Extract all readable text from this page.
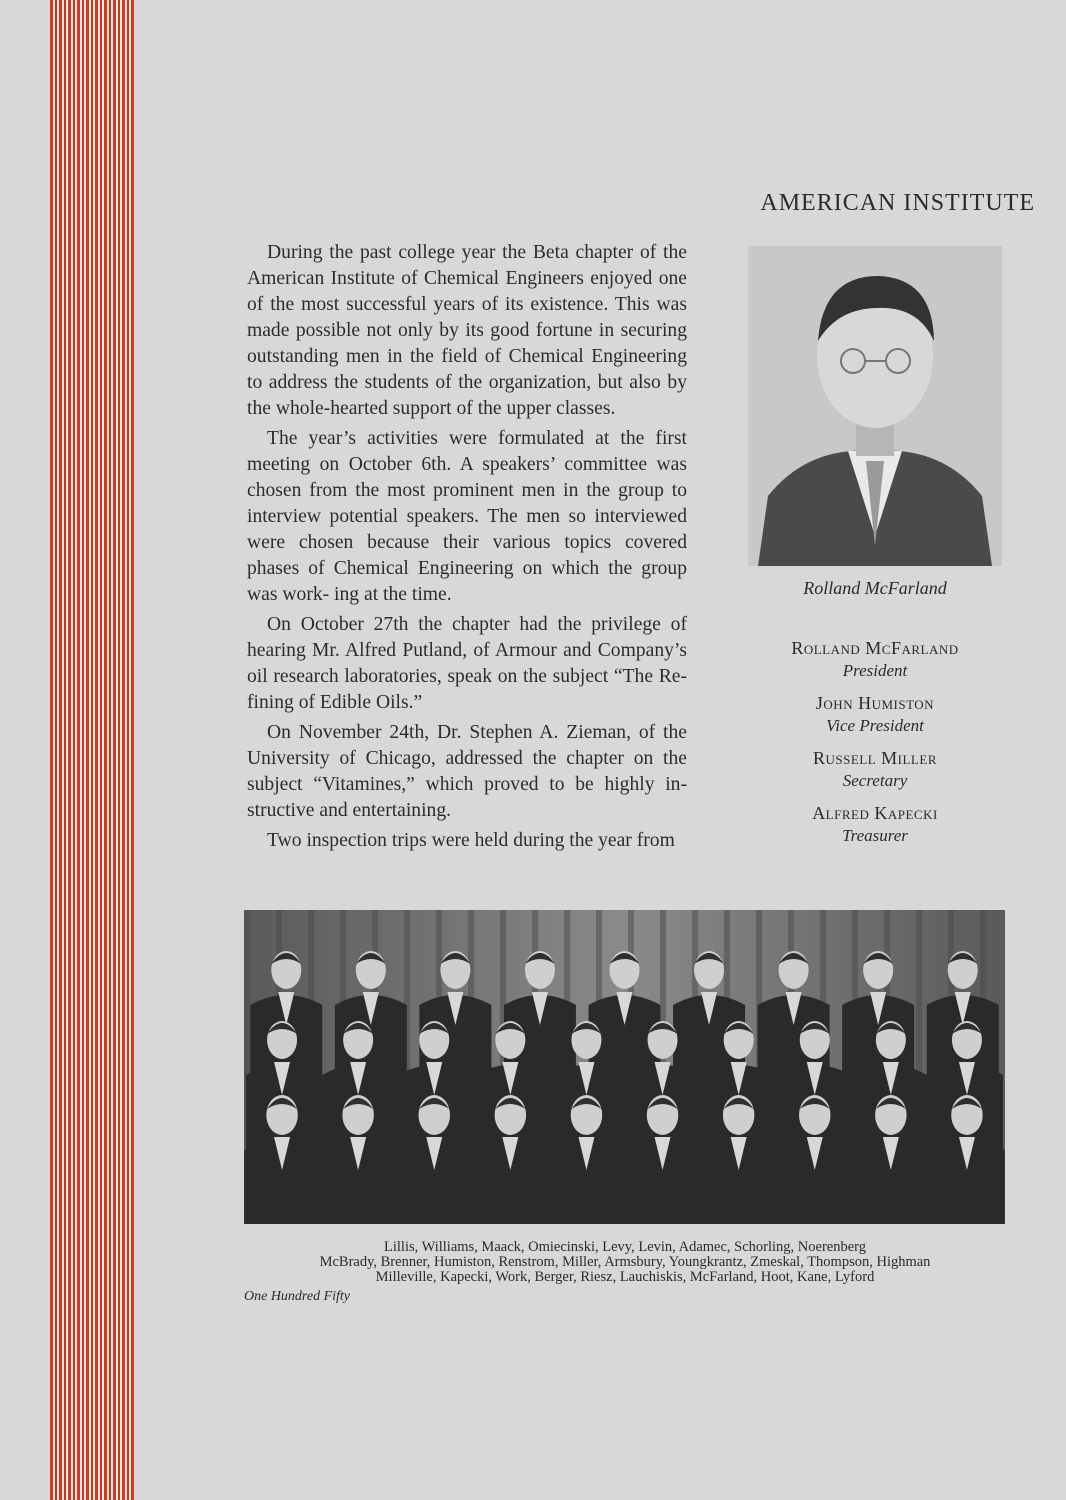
AMERICAN INSTITUTE

During the past college year the Beta chapter of the American Institute of Chemical Engineers enjoyed one of the most successful years of its existence. This was made possible not only by its good fortune in securing outstanding men in the field of Chemical Engineering to address the students of the organization, but also by the whole-hearted support of the upper classes.

The year’s activities were formulated at the first meeting on October 6th. A speakers’ committee was chosen from the most prominent men in the group to interview potential speakers. The men so interviewed were chosen because their various topics covered phases of Chemical Engineering on which the group was work- ing at the time.

On October 27th the chapter had the privilege of hearing Mr. Alfred Putland, of Armour and Company’s oil research laboratories, speak on the subject “The Re- fining of Edible Oils.”

On November 24th, Dr. Stephen A. Zieman, of the University of Chicago, addressed the chapter on the subject “Vitamines,” which proved to be highly in- structive and entertaining.

Two inspection trips were held during the year from

Rolland McFarland
Rolland McFarland
President
John Humiston
Vice President
Russell Miller
Secretary
Alfred Kapecki
Treasurer
Lillis, Williams, Maack, Omiecinski, Levy, Levin, Adamec, Schorling, Noerenberg
McBrady, Brenner, Humiston, Renstrom, Miller, Armsbury, Youngkrantz, Zmeskal, Thompson, Highman
Milleville, Kapecki, Work, Berger, Riesz, Lauchiskis, McFarland, Hoot, Kane, Lyford
One Hundred Fifty
